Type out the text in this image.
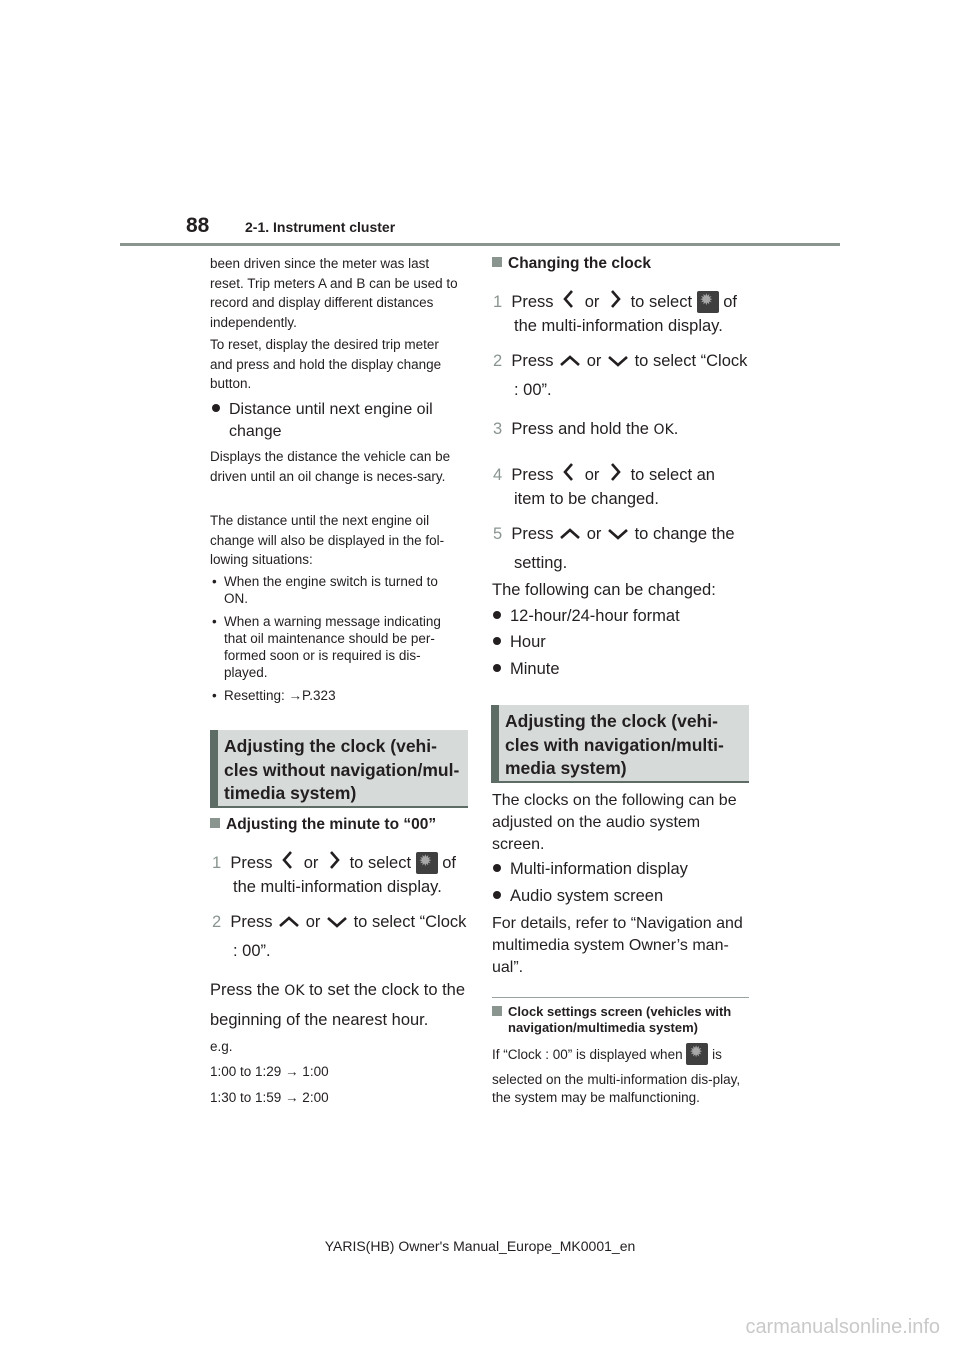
88	2-1. Instrument cluster
been driven since the meter was last reset. Trip meters A and B can be used to record and display different distances independently.
To reset, display the desired trip meter and press and hold the display change button.
Distance until next engine oil change
Displays the distance the vehicle can be driven until an oil change is neces-sary.
The distance until the next engine oil change will also be displayed in the fol-lowing situations:
• When the engine switch is turned to ON.
• When a warning message indicating that oil maintenance should be per-formed soon or is required is dis-played.
• Resetting: →P.323
Adjusting the clock (vehi-cles without navigation/mul-timedia system)
Adjusting the minute to “00”
1 Press or to select ✹ of
the multi-information display.
2 Press or to select “Clock
: 00”.
Press the OK to set the clock to the
beginning of the nearest hour.
e.g.
1:00 to 1:29 → 1:00
1:30 to 1:59 → 2:00
Changing the clock
1 Press or to select ✹ of
the multi-information display.
2 Press or to select “Clock
: 00”.
3 Press and hold the OK.
4 Press or to select an
item to be changed.
5 Press or to change the
setting.
The following can be changed:
12-hour/24-hour format
Hour
Minute
Adjusting the clock (vehi-cles with navigation/multi-media system)
The clocks on the following can be adjusted on the audio system screen.
Multi-information display
Audio system screen
For details, refer to “Navigation and multimedia system Owner’s man-ual”.
Clock settings screen (vehicles with navigation/multimedia system)
If “Clock : 00” is displayed when ✹ is
selected on the multi-information dis-play, the system may be malfunctioning.
YARIS(HB) Owner's Manual_Europe_MK0001_en
carmanualsonline.info
